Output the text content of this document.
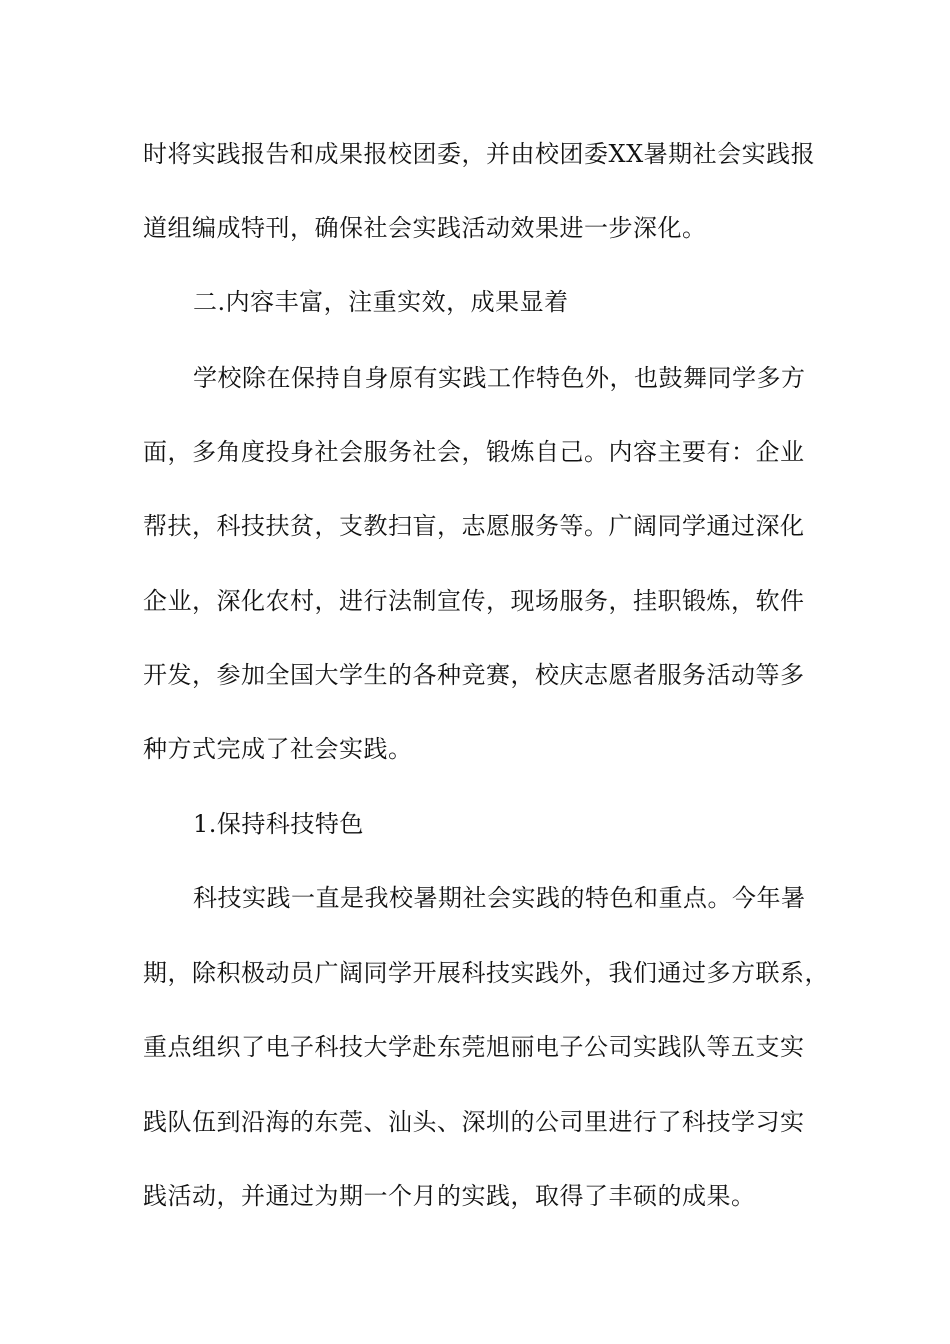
时将实践报告和成果报校团委，并由校团委XX暑期社会实践报
道组编成特刊，确保社会实践活动效果进一步深化。
二.内容丰富，注重实效，成果显着
学校除在保持自身原有实践工作特色外，也鼓舞同学多方
面，多角度投身社会服务社会，锻炼自己。内容主要有：企业
帮扶，科技扶贫，支教扫盲，志愿服务等。广阔同学通过深化
企业，深化农村，进行法制宣传，现场服务，挂职锻炼，软件
开发，参加全国大学生的各种竞赛，校庆志愿者服务活动等多
种方式完成了社会实践。
1.保持科技特色
科技实践一直是我校暑期社会实践的特色和重点。今年暑
期，除积极动员广阔同学开展科技实践外，我们通过多方联系，
重点组织了电子科技大学赴东莞旭丽电子公司实践队等五支实
践队伍到沿海的东莞、汕头、深圳的公司里进行了科技学习实
践活动，并通过为期一个月的实践，取得了丰硕的成果。
